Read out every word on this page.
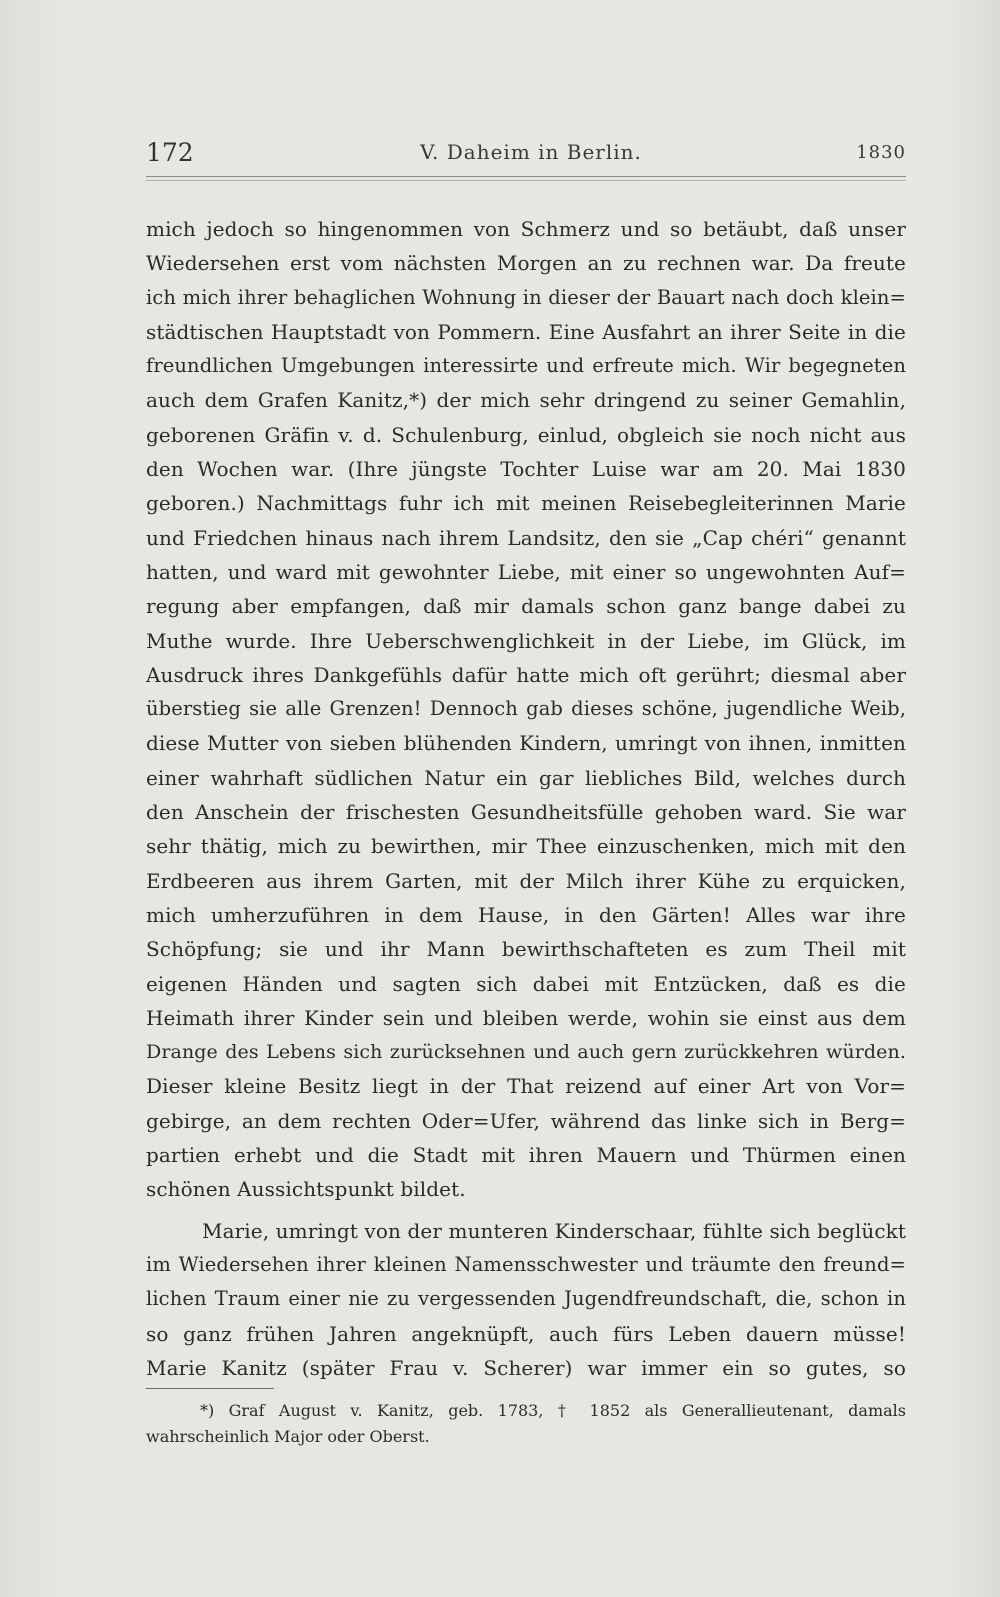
172	V. Daheim in Berlin.	1830
mich jedoch so hingenommen von Schmerz und so betäubt, daß unser
Wiedersehen erst vom nächsten Morgen an zu rechnen war. Da freute
ich mich ihrer behaglichen Wohnung in dieser der Bauart nach doch klein=
städtischen Hauptstadt von Pommern. Eine Ausfahrt an ihrer Seite in die
freundlichen Umgebungen interessirte und erfreute mich. Wir begegneten
auch dem Grafen Kanitz,*) der mich sehr dringend zu seiner Gemahlin,
geborenen Gräfin v. d. Schulenburg, einlud, obgleich sie noch nicht aus
den Wochen war. (Ihre jüngste Tochter Luise war am 20. Mai 1830
geboren.) Nachmittags fuhr ich mit meinen Reisebegleiterinnen Marie
und Friedchen hinaus nach ihrem Landsitz, den sie „Cap chéri“ genannt
hatten, und ward mit gewohnter Liebe, mit einer so ungewohnten Auf=
regung aber empfangen, daß mir damals schon ganz bange dabei zu
Muthe wurde. Ihre Ueberschwenglichkeit in der Liebe, im Glück, im
Ausdruck ihres Dankgefühls dafür hatte mich oft gerührt; diesmal aber
überstieg sie alle Grenzen! Dennoch gab dieses schöne, jugendliche Weib,
diese Mutter von sieben blühenden Kindern, umringt von ihnen, inmitten
einer wahrhaft südlichen Natur ein gar liebliches Bild, welches durch
den Anschein der frischesten Gesundheitsfülle gehoben ward. Sie war
sehr thätig, mich zu bewirthen, mir Thee einzuschenken, mich mit den
Erdbeeren aus ihrem Garten, mit der Milch ihrer Kühe zu erquicken,
mich umherzuführen in dem Hause, in den Gärten! Alles war ihre
Schöpfung; sie und ihr Mann bewirthschafteten es zum Theil mit
eigenen Händen und sagten sich dabei mit Entzücken, daß es die
Heimath ihrer Kinder sein und bleiben werde, wohin sie einst aus dem
Drange des Lebens sich zurücksehnen und auch gern zurückkehren würden.
Dieser kleine Besitz liegt in der That reizend auf einer Art von Vor=
gebirge, an dem rechten Oder=Ufer, während das linke sich in Berg=
partien erhebt und die Stadt mit ihren Mauern und Thürmen einen
schönen Aussichtspunkt bildet.
Marie, umringt von der munteren Kinderschaar, fühlte sich beglückt
im Wiedersehen ihrer kleinen Namensschwester und träumte den freund=
lichen Traum einer nie zu vergessenden Jugendfreundschaft, die, schon in
so ganz frühen Jahren angeknüpft, auch fürs Leben dauern müsse!
Marie Kanitz (später Frau v. Scherer) war immer ein so gutes, so
*) Graf August v. Kanitz, geb. 1783, † 1852 als Generallieutenant, damals
wahrscheinlich Major oder Oberst.
